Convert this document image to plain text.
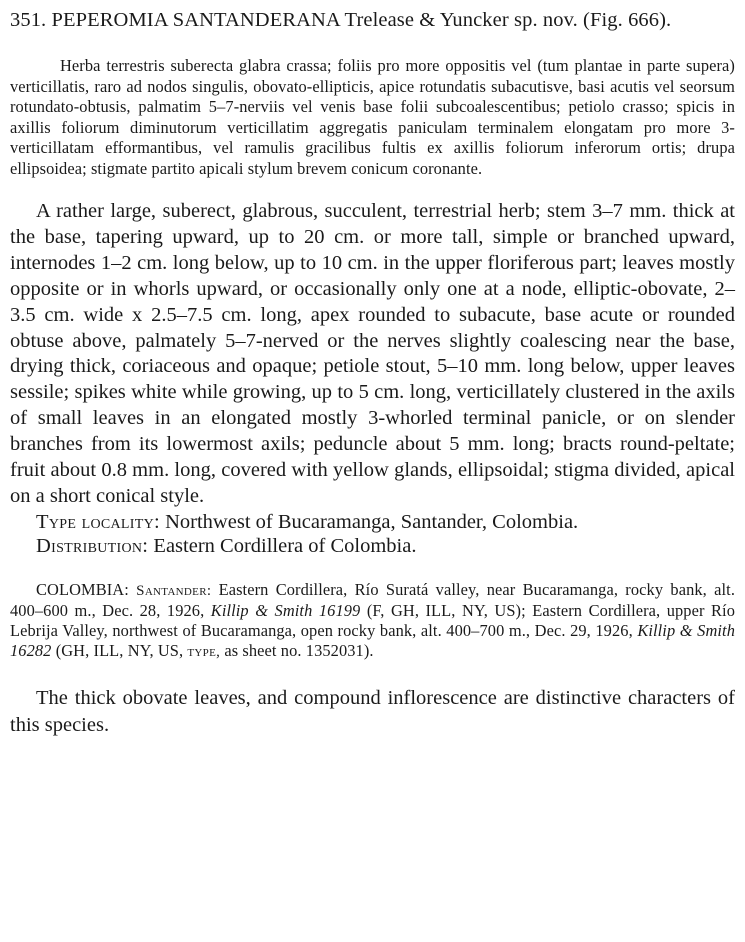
351. PEPEROMIA SANTANDERANA Trelease & Yuncker sp. nov. (Fig. 666).

Herba terrestris suberecta glabra crassa; foliis pro more oppositis vel (tum plantae in parte supera) verticillatis, raro ad nodos singulis, obovato-ellipticis, apice rotundatis subacutisve, basi acutis vel seorsum rotundato-obtusis, palmatim 5–7-nerviis vel venis base folii subcoalescentibus; petiolo crasso; spicis in axillis foliorum diminutorum verticillatim aggregatis paniculam terminalem elongatam pro more 3-verticillatam efformantibus, vel ramulis gracilibus fultis ex axillis foliorum inferorum ortis; drupa ellipsoidea; stigmate partito apicali stylum brevem conicum coronante.

A rather large, suberect, glabrous, succulent, terrestrial herb; stem 3–7 mm. thick at the base, tapering upward, up to 20 cm. or more tall, simple or branched upward, internodes 1–2 cm. long below, up to 10 cm. in the upper floriferous part; leaves mostly opposite or in whorls upward, or occasionally only one at a node, elliptic-obovate, 2–3.5 cm. wide x 2.5–7.5 cm. long, apex rounded to subacute, base acute or rounded obtuse above, palmately 5–7-nerved or the nerves slightly coalescing near the base, drying thick, coriaceous and opaque; petiole stout, 5–10 mm. long below, upper leaves sessile; spikes white while growing, up to 5 cm. long, verticillately clustered in the axils of small leaves in an elongated mostly 3-whorled terminal panicle, or on slender branches from its lowermost axils; peduncle about 5 mm. long; bracts round-peltate; fruit about 0.8 mm. long, covered with yellow glands, ellipsoidal; stigma divided, apical on a short conical style.

Type locality: Northwest of Bucaramanga, Santander, Colombia.

Distribution: Eastern Cordillera of Colombia.

COLOMBIA: Santander: Eastern Cordillera, Río Suratá valley, near Bucaramanga, rocky bank, alt. 400–600 m., Dec. 28, 1926, Killip & Smith 16199 (F, GH, ILL, NY, US); Eastern Cordillera, upper Río Lebrija Valley, northwest of Bucaramanga, open rocky bank, alt. 400–700 m., Dec. 29, 1926, Killip & Smith 16282 (GH, ILL, NY, US, type, as sheet no. 1352031).

The thick obovate leaves, and compound inflorescence are distinctive characters of this species.
